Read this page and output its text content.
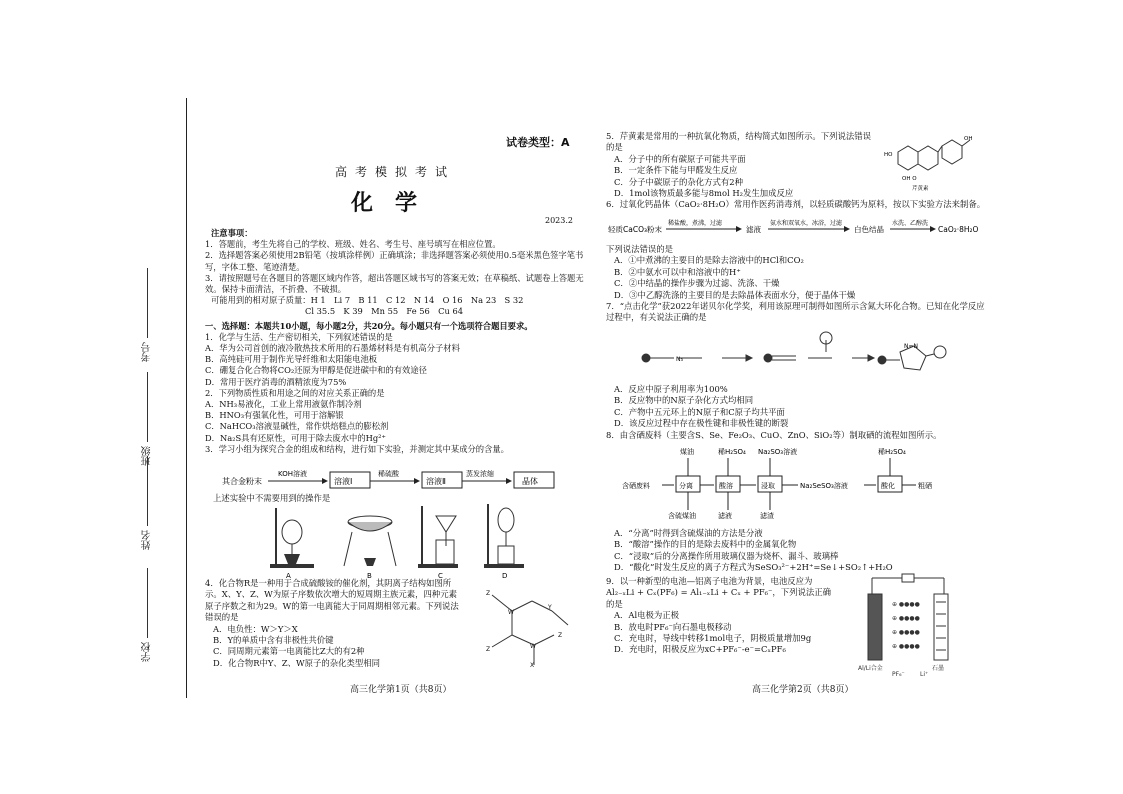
考号
班级
姓名
学校
试卷类型：A
高考模拟考试
化学
2023.2

注意事项：

1．答题前，考生先将自己的学校、班级、姓名、考生号、座号填写在相应位置。

2．选择题答案必须使用2B铅笔（按填涂样例）正确填涂；非选择题答案必须使用0.5毫米黑色签字笔书写，字体工整、笔迹清楚。

3．请按照题号在各题目的答题区域内作答，超出答题区域书写的答案无效；在草稿纸、试题卷上答题无效。保持卡面清洁，不折叠、不破损。

可能用到的相对原子质量：H 1　Li 7　B 11　C 12　N 14　O 16　Na 23　S 32

Cl 35.5　K 39　Mn 55　Fe 56　Cu 64

一、选择题：本题共10小题，每小题2分，共20分。每小题只有一个选项符合题目要求。

1．化学与生活、生产密切相关，下列叙述错误的是

A．华为公司首创的液冷散热技术所用的石墨烯材料是有机高分子材料

B．高纯硅可用于制作光导纤维和太阳能电池板

C．硼复合化合物将CO₂还原为甲醇是促进碳中和的有效途径

D．常用于医疗消毒的酒精浓度为75%

2．下列物质性质和用途之间的对应关系正确的是

A．NH₃易液化，工业上常用液氨作制冷剂

B．HNO₃有强氧化性，可用于溶解银

C．NaHCO₃溶液显碱性，常作烘焙糕点的膨松剂

D．Na₂S具有还原性，可用于除去废水中的Hg²⁺

3．学习小组为探究合金的组成和结构，进行如下实验，并测定其中某成分的含量。

其合金粉末
KOH溶液
溶液Ⅰ
稀硫酸
溶液Ⅱ
蒸发浓缩
晶体
上述实验中不需要用到的操作是
A	B	C	D

4．化合物R是一种用于合成硫酸铵的催化剂，其阴离子结构如图所示。X、Y、Z、W为原子序数依次增大的短周期主族元素，四种元素原子序数之和为29。W的第一电离能大于同周期相邻元素。下列说法错误的是

A．电负性：W＞Y＞X

B．Y的单质中含有非极性共价键

C．同周期元素第一电离能比Z大的有2种

D．化合物R中Y、Z、W原子的杂化类型相同

W
W
Z
Z
Z
Y
X

5．芹黄素是常用的一种抗氧化物质，结构简式如图所示。下列说法错误的是

A．分子中的所有碳原子可能共平面

B．一定条件下能与甲醛发生反应

C．分子中碳原子的杂化方式有2种

D．1mol该物质最多能与8mol H₂发生加成反应

6．过氧化钙晶体（CaO₂·8H₂O）常用作医药消毒剂，以轻质碳酸钙为原料，按以下实验方法来制备。

HO
OH
OH O
芹黄素
轻质CaCO₃粉末
稀盐酸，煮沸，过滤
滤液
氨水和双氧水，冰浴，过滤
白色结晶
水洗、乙醇洗
CaO₂·8H₂O

下列说法错误的是

A．①中煮沸的主要目的是除去溶液中的HCl和CO₂

B．②中氨水可以中和溶液中的H⁺

C．②中结晶的操作步骤为过滤、洗涤、干燥

D．③中乙醇洗涤的主要目的是去除晶体表面水分，便于晶体干燥

7．“点击化学”获2022年诺贝尔化学奖，利用该原理可制得如图所示含氮大环化合物。已知在化学反应过程中，有关说法正确的是

N₃
N=N

A．反应中原子利用率为100%

B．反应物中的N原子杂化方式均相同

C．产物中五元环上的N原子和C原子均共平面

D．该反应过程中存在极性键和非极性键的断裂

8．由含硒废料（主要含S、Se、Fe₂O₃、CuO、ZnO、SiO₂等）制取硒的流程如图所示。

含硒废料	分离	酸溶	浸取	Na₂SeSO₃溶液	酸化	粗硒
含硫煤油	滤液	滤渣
煤油	稀H₂SO₄ Na₂SO₃溶液	稀H₂SO₄

A．“分离”时得到含硫煤油的方法是分液

B．“酸溶”操作的目的是除去废料中的金属氧化物

C．“浸取”后的分离操作所用玻璃仪器为烧杯、漏斗、玻璃棒

D．“酸化”时发生反应的离子方程式为SeSO₃²⁻+2H⁺=Se↓+SO₂↑+H₂O

9．以一种新型的电池—铝离子电池为背景，电池反应为Al₂₋ₓLi + Cₓ(PF₆) = Al₁₋ₓLi + Cₓ + PF₆⁻，下列说法正确的是

A．Al电极为正极

B．放电时PF₆⁻向石墨电极移动

C．充电时，导线中转移1mol电子，阴极质量增加9g

D．充电时，阳极反应为xC+PF₆⁻-e⁻=CₓPF₆

⊕ ●●●●
⊕ ●●●●
⊕ ●●●●
⊕ ●●●●
Al/Li合金	石墨
PF₆⁻	Li⁺
高三化学第1页（共8页）	高三化学第2页（共8页）
